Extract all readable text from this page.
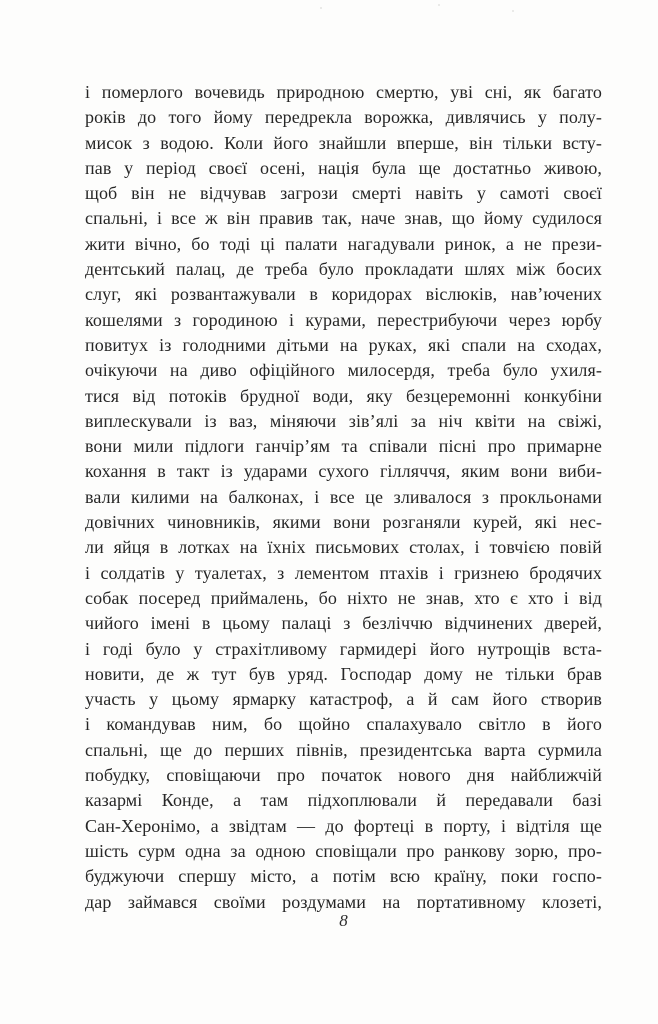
і померлого вочевидь природною смертю, уві сні, як багато
років до того йому передрекла ворожка, дивлячись у полу-
мисок з водою. Коли його знайшли вперше, він тільки всту-
пав у період своєї осені, нація була ще достатньо живою,
щоб він не відчував загрози смерті навіть у самоті своєї
спальні, і все ж він правив так, наче знав, що йому судилося
жити вічно, бо тоді ці палати нагадували ринок, а не прези-
дентський палац, де треба було прокладати шлях між босих
слуг, які розвантажували в коридорах віслюків, нав’ючених
кошелями з городиною і курами, перестрибуючи через юрбу
повитух із голодними дітьми на руках, які спали на сходах,
очікуючи на диво офіційного милосердя, треба було ухиля-
тися від потоків брудної води, яку безцеремонні конкубіни
виплескували із ваз, міняючи зів’ялі за ніч квіти на свіжі,
вони мили підлоги ганчір’ям та співали пісні про примарне
кохання в такт із ударами сухого гілляччя, яким вони виби-
вали килими на балконах, і все це зливалося з прокльонами
довічних чиновників, якими вони розганяли курей, які нес-
ли яйця в лотках на їхніх письмових столах, і товчією повій
і солдатів у туалетах, з лементом птахів і гризнею бродячих
собак посеред приймалень, бо ніхто не знав, хто є хто і від
чийого імені в цьому палаці з безліччю відчинених дверей,
і годі було у страхітливому гармидері його нутрощів вста-
новити, де ж тут був уряд. Господар дому не тільки брав
участь у цьому ярмарку катастроф, а й сам його створив
і командував ним, бо щойно спалахувало світло в його
спальні, ще до перших півнів, президентська варта сурмила
побудку, сповіщаючи про початок нового дня найближчій
казармі Конде, а там підхоплювали й передавали базі
Сан-Херонімо, а звідтам — до фортеці в порту, і відтіля ще
шість сурм одна за одною сповіщали про ранкову зорю, про-
буджуючи спершу місто, а потім всю країну, поки госпо-
дар займався своїми роздумами на портативному клозеті,
8
